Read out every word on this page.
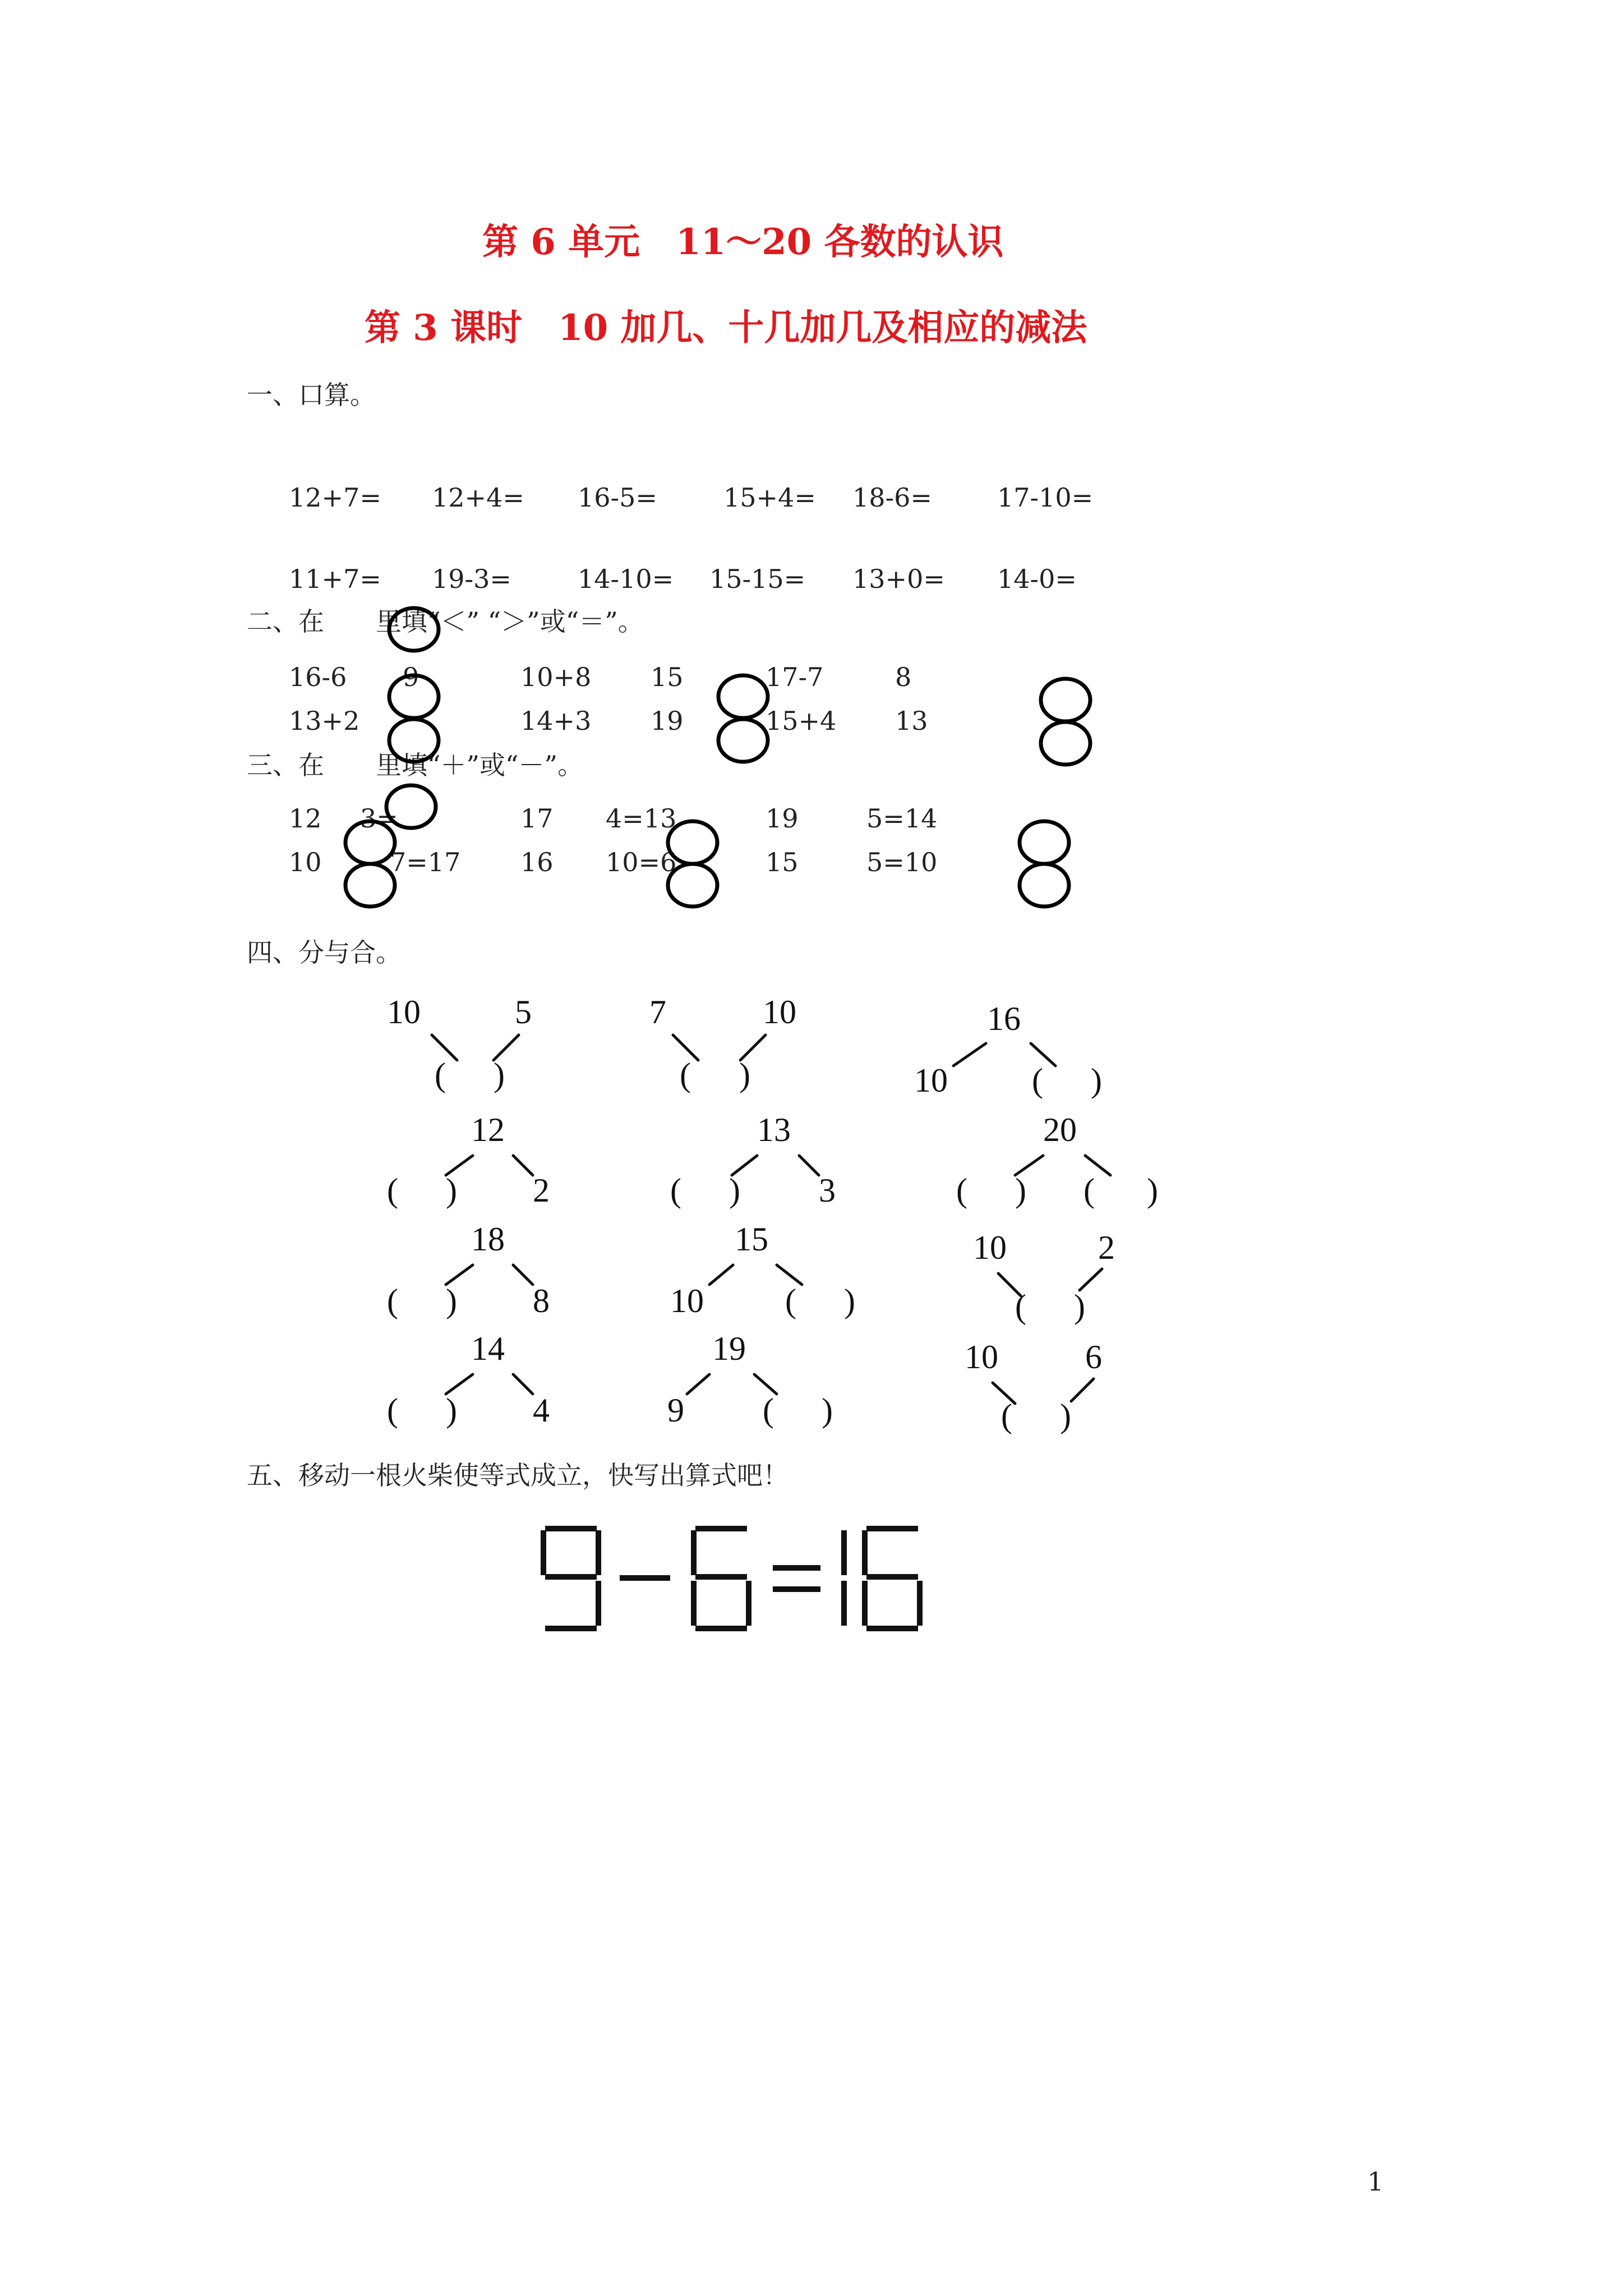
第 6 单元　11～20 各数的认识
第 3 课时　10 加几、十几加几及相应的减法
一、口算。
12+7= 12+4= 16-5=	15+4= 18-6=	17-10=
11+7= 19-3=	14-10= 15-15= 13+0= 14-0=
二、在　　里填“＜” “＞”或“＝”。
16-6 9	10+8 15	17-7	8
13+2	14+3 19	15+4 13
三、在　　里填“＋”或“－”。
12 3=	17 4=13	19	5=14
10	7=17 16 10=6	15	5=10
四、分与合。
10	5
( )
7	10
( )
16
10	( )
12
( ) 2
13
( ) 3
20
( ) ( )
18
( ) 8
15
10 ( )
10	2
( )
14
( ) 4
19
9 ( )
10	6
( )
五、移动一根火柴使等式成立，快写出算式吧！
1
